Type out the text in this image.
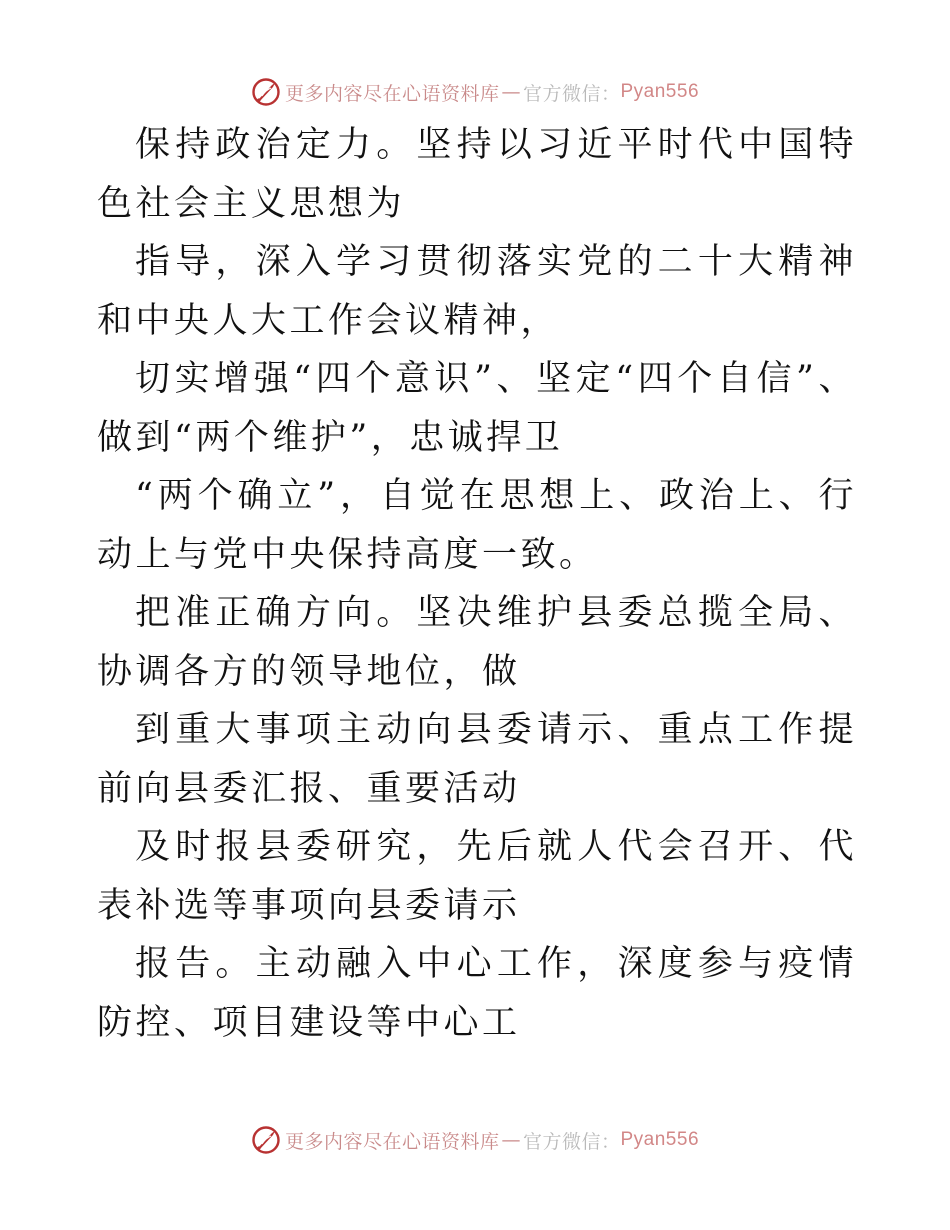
更多内容尽在心语资料库 — 官方微信： Pyan556

保持政治定力。坚持以习近平时代中国特色社会主义思想为

指导，深入学习贯彻落实党的二十大精神和中央人大工作会议精神，

切实增强“四个意识”、坚定“四个自信”、做到“两个维护”，忠诚捍卫

“两个确立”，自觉在思想上、政治上、行动上与党中央保持高度一致。

把准正确方向。坚决维护县委总揽全局、协调各方的领导地位，做

到重大事项主动向县委请示、重点工作提前向县委汇报、重要活动

及时报县委研究，先后就人代会召开、代表补选等事项向县委请示

报告。主动融入中心工作，深度参与疫情防控、项目建设等中心工

更多内容尽在心语资料库 — 官方微信： Pyan556
